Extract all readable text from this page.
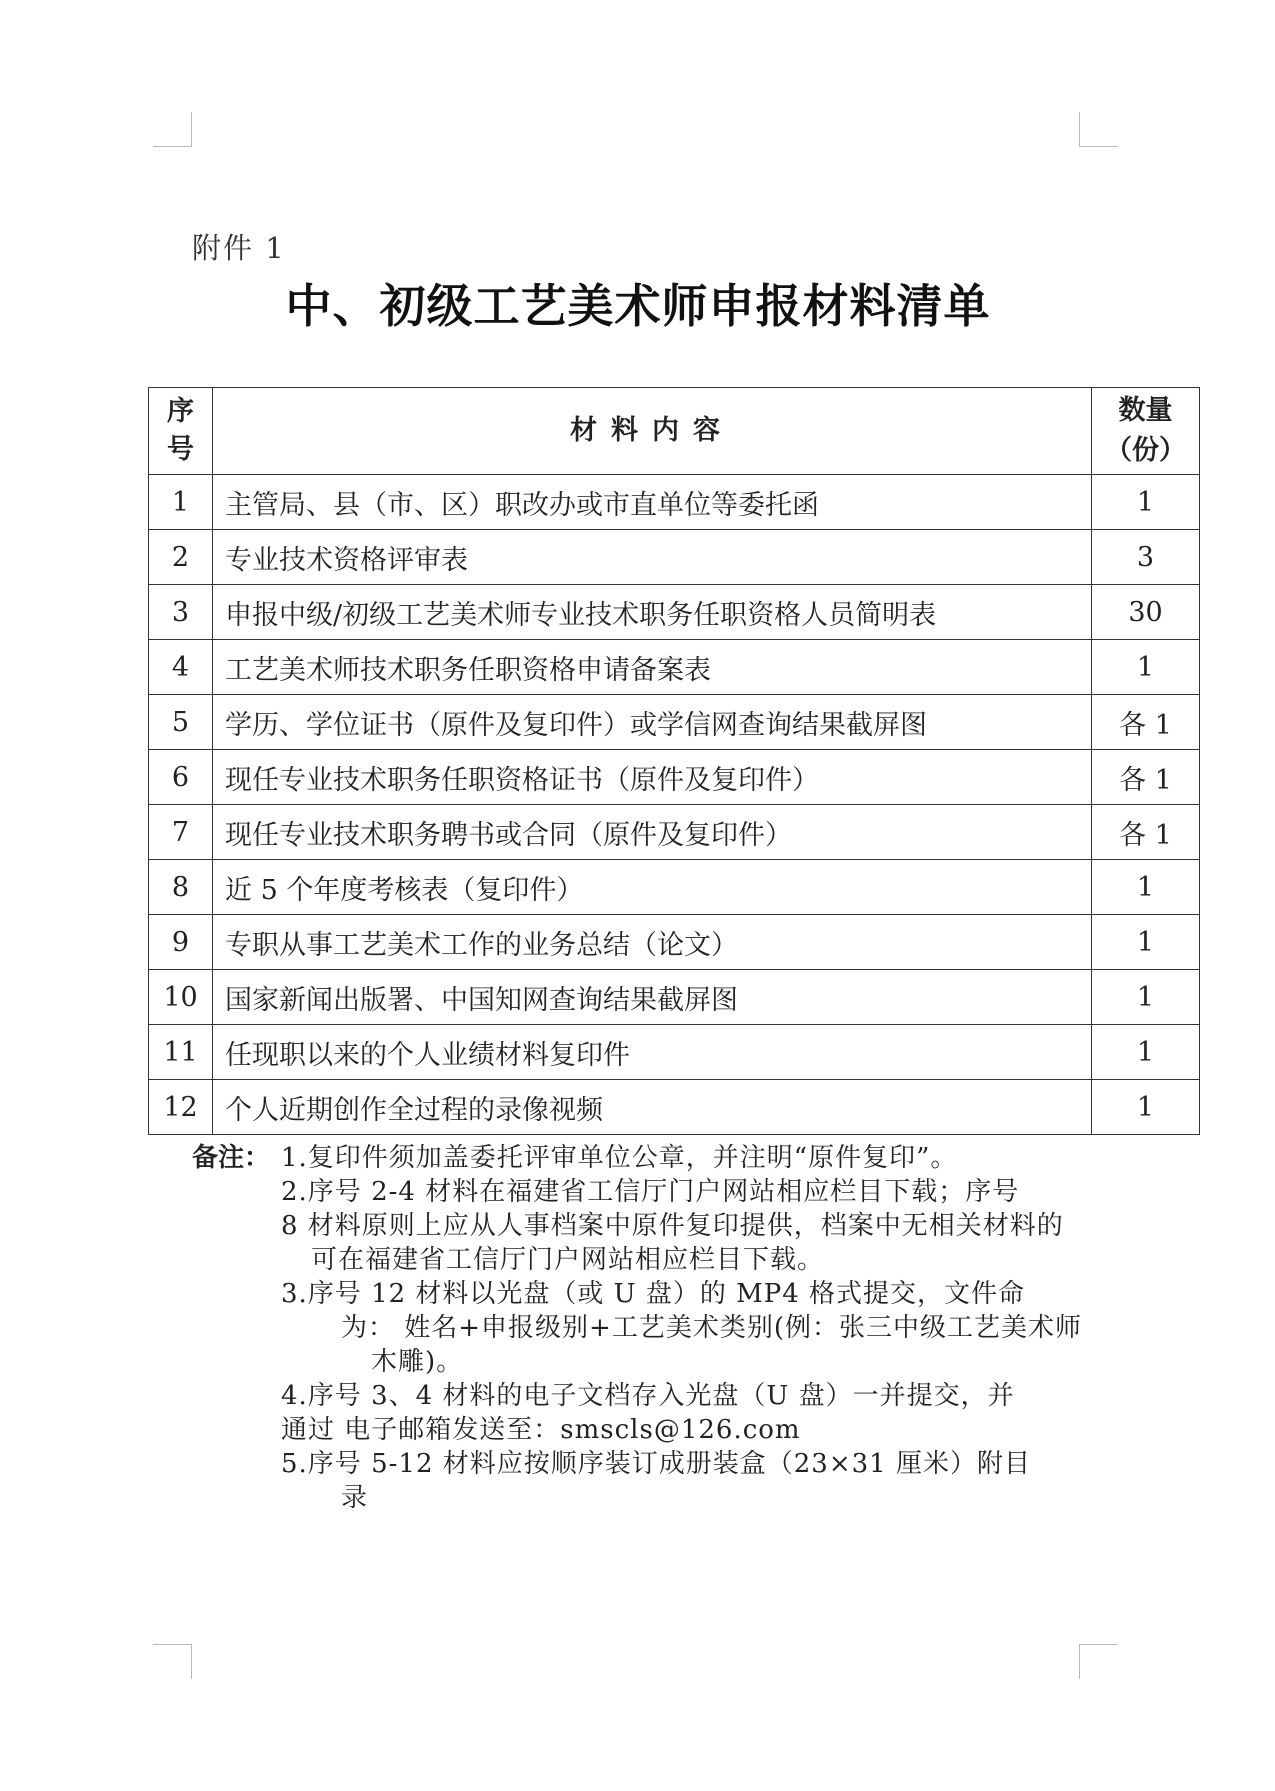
附件 1
中、初级工艺美术师申报材料清单
序号	材料内容	数量
（份）

1	主管局、县（市、区）职改办或市直单位等委托函	1
2	专业技术资格评审表	3
3	申报中级/初级工艺美术师专业技术职务任职资格人员简明表	30
4	工艺美术师技术职务任职资格申请备案表	1
5	学历、学位证书（原件及复印件）或学信网查询结果截屏图	各 1
6	现任专业技术职务任职资格证书（原件及复印件）	各 1
7	现任专业技术职务聘书或合同（原件及复印件）	各 1
8	近 5 个年度考核表（复印件）	1
9	专职从事工艺美术工作的业务总结（论文）	1
10	国家新闻出版署、中国知网查询结果截屏图	1
11	任现职以来的个人业绩材料复印件	1
12	个人近期创作全过程的录像视频	1
备注： 1.复印件须加盖委托评审单位公章，并注明“原件复印”。
2.序号 2-4 材料在福建省工信厅门户网站相应栏目下载；序号
8 材料原则上应从人事档案中原件复印提供，档案中无相关材料的可在福建省工信厅门户网站相应栏目下载。
3.序号 12 材料以光盘（或 U 盘）的 MP4 格式提交，文件命
为： 姓名+申报级别+工艺美术类别(例：张三中级工艺美术师木雕)。
4.序号 3、4 材料的电子文档存入光盘（U 盘）一并提交，并
通过 电子邮箱发送至：smscls@126.com
5.序号 5-12 材料应按顺序装订成册装盒（23×31 厘米）附目
录
